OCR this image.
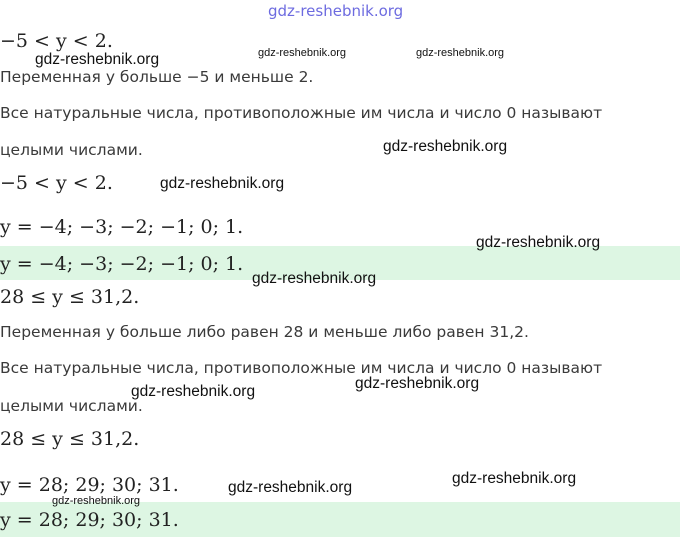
−5 < y < 2.
Переменная y больше −5 и меньше 2.
Все натуральные числа, противоположные им числа и число 0 называют
целыми числами.
−5 < y < 2.
y = −4; −3; −2; −1; 0; 1.
y = −4; −3; −2; −1; 0; 1.
28 ≤ y ≤ 31,2.
Переменная y больше либо равен 28 и меньше либо равен 31,2.
Все натуральные числа, противоположные им числа и число 0 называют
целыми числами.
28 ≤ y ≤ 31,2.
y = 28; 29; 30; 31.
y = 28; 29; 30; 31.
gdz-reshebnik.org
gdz-reshebnik.org	gdz-reshebnik.org	gdz-reshebnik.org
gdz-reshebnik.org
gdz-reshebnik.org
gdz-reshebnik.org
gdz-reshebnik.org
gdz-reshebnik.org	gdz-reshebnik.org
gdz-reshebnik.org
gdz-reshebnik.org
gdz-reshebnik.org
